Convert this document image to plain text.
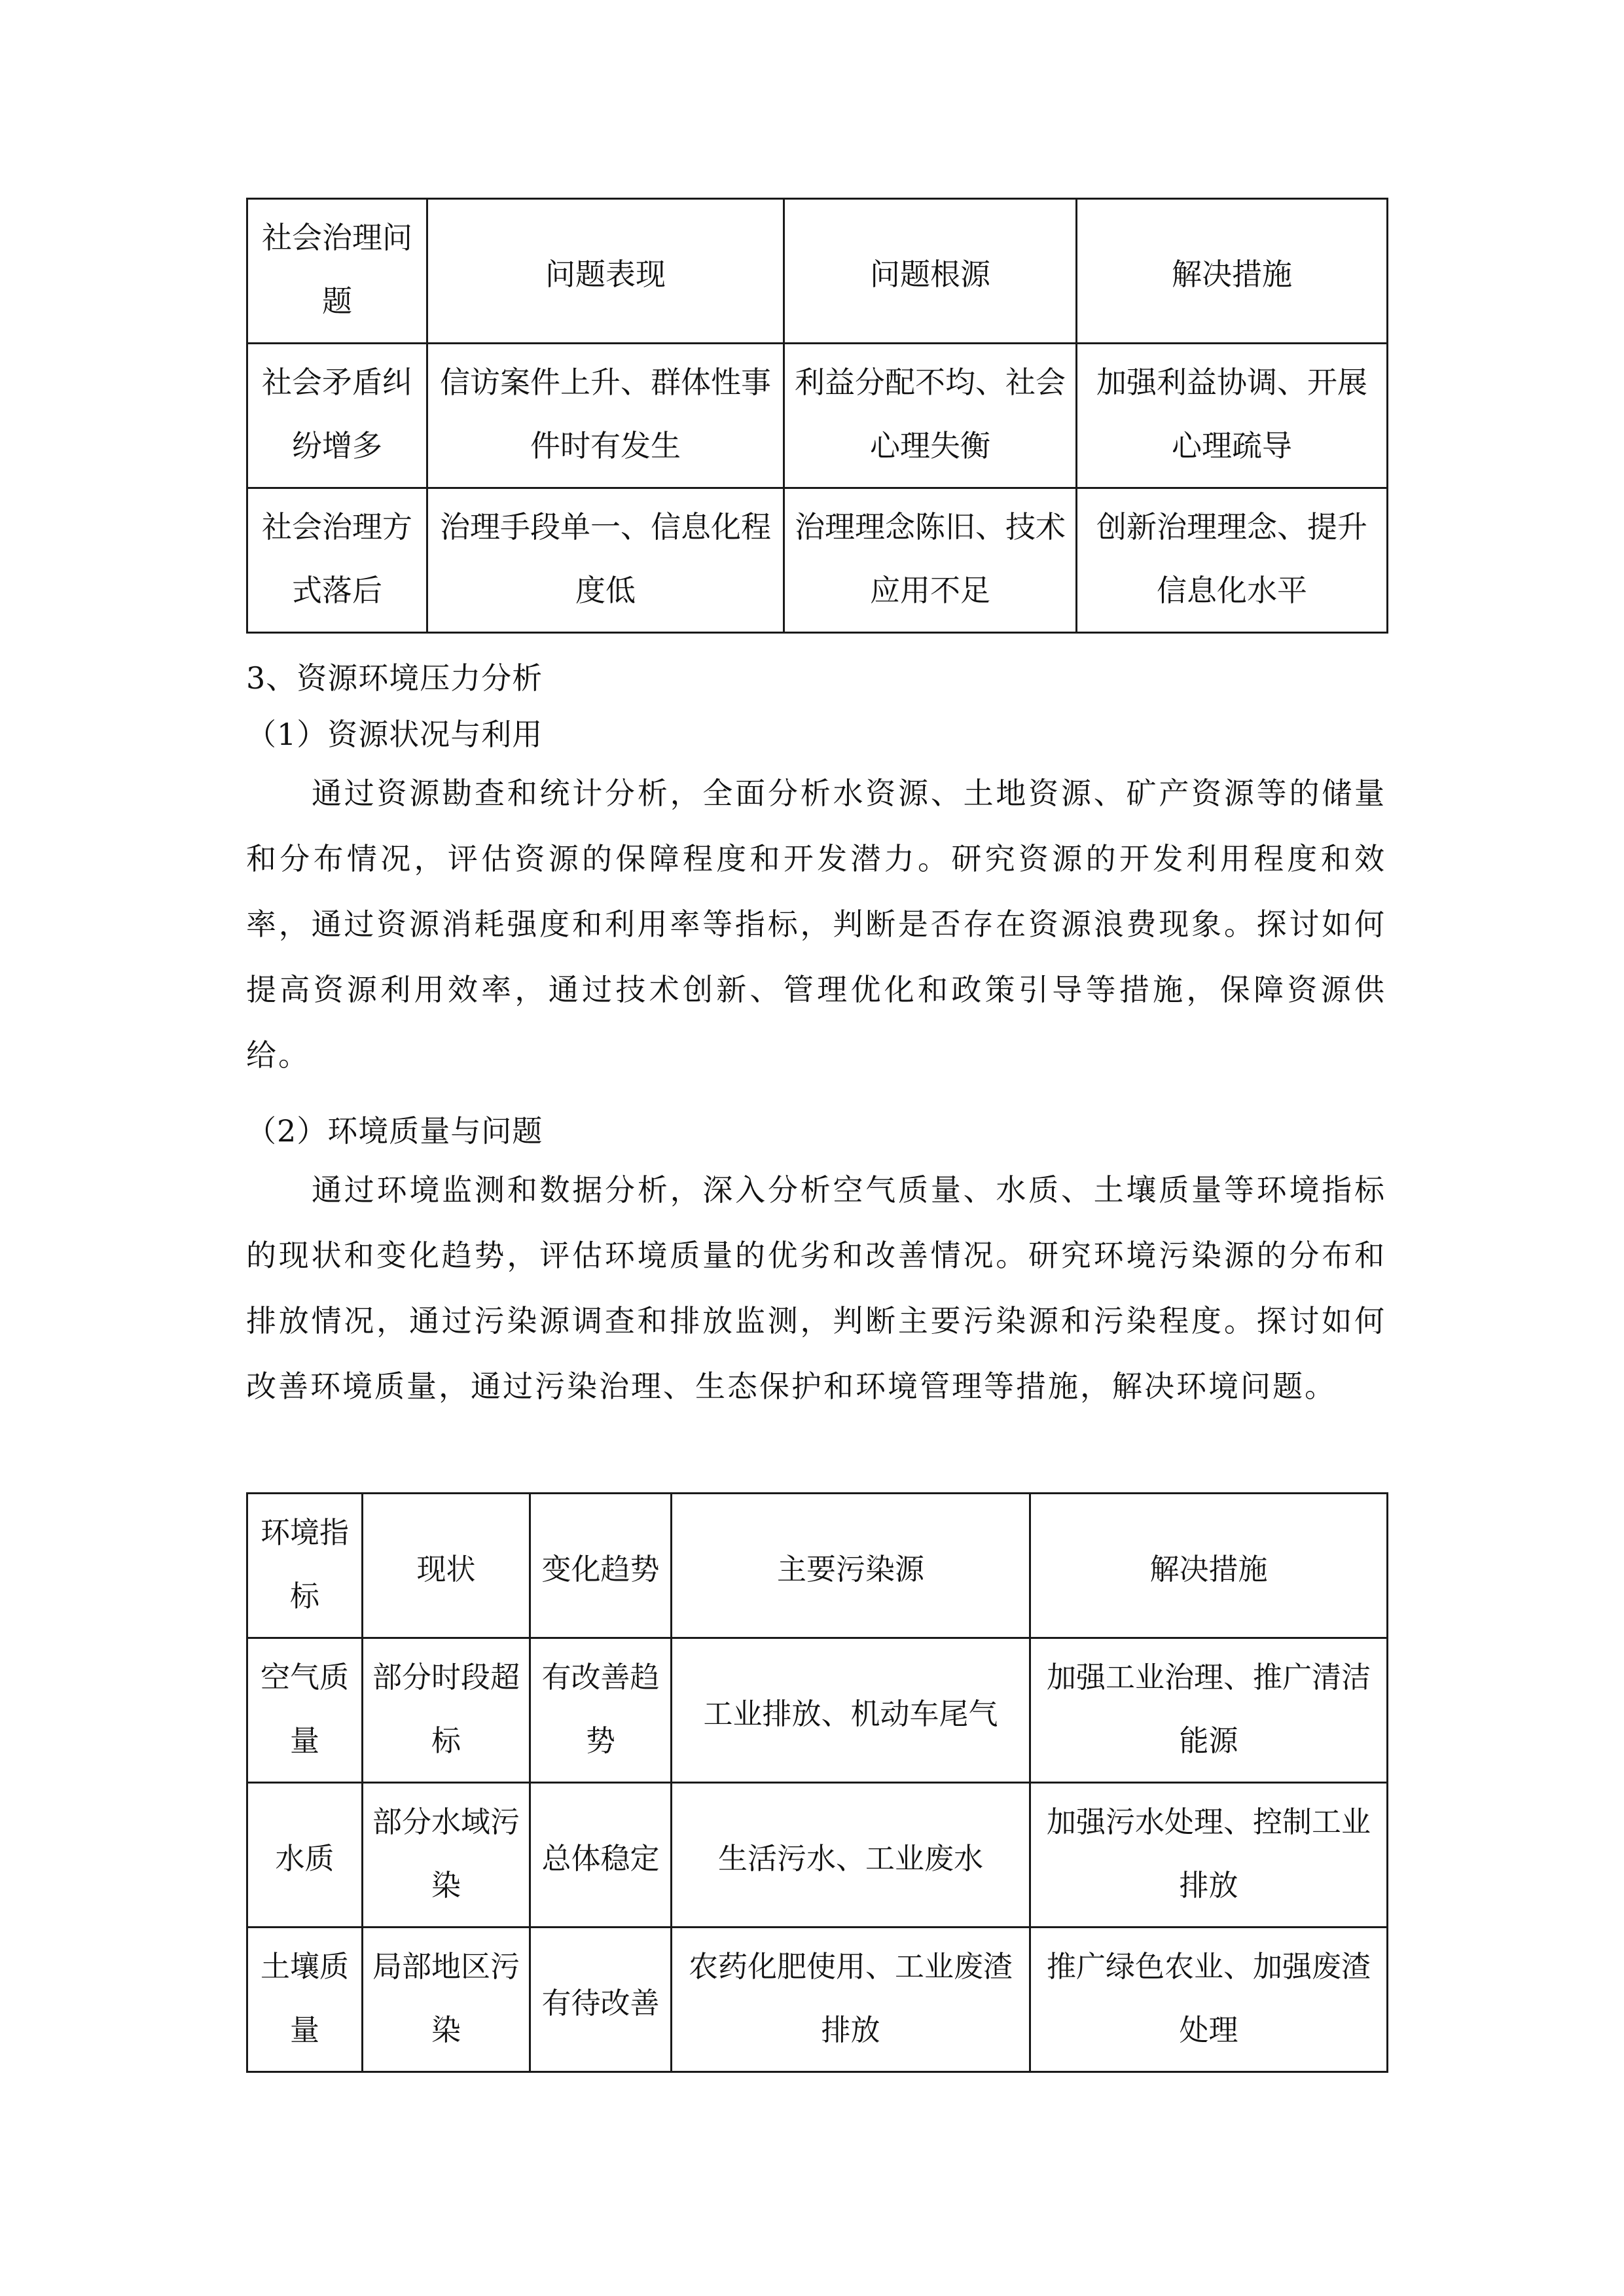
社会治理问题	问题表现	问题根源	解决措施
社会矛盾纠纷增多	信访案件上升、群体性事件时有发生	利益分配不均、社会心理失衡	加强利益协调、开展心理疏导
社会治理方式落后	治理手段单一、信息化程度低	治理理念陈旧、技术应用不足	创新治理理念、提升信息化水平

3、资源环境压力分析

（1）资源状况与利用

通过资源勘查和统计分析，全面分析水资源、土地资源、矿产资源等的储量和分布情况，评估资源的保障程度和开发潜力。研究资源的开发利用程度和效率，通过资源消耗强度和利用率等指标，判断是否存在资源浪费现象。探讨如何提高资源利用效率，通过技术创新、管理优化和政策引导等措施，保障资源供给。

（2）环境质量与问题

通过环境监测和数据分析，深入分析空气质量、水质、土壤质量等环境指标的现状和变化趋势，评估环境质量的优劣和改善情况。研究环境污染源的分布和排放情况，通过污染源调查和排放监测，判断主要污染源和污染程度。探讨如何改善环境质量，通过污染治理、生态保护和环境管理等措施，解决环境问题。

环境指标	现状	变化趋势	主要污染源	解决措施
空气质量	部分时段超标	有改善趋势	工业排放、机动车尾气	加强工业治理、推广清洁能源
水质	部分水域污染	总体稳定	生活污水、工业废水	加强污水处理、控制工业排放
土壤质量	局部地区污染	有待改善	农药化肥使用、工业废渣排放	推广绿色农业、加强废渣处理
